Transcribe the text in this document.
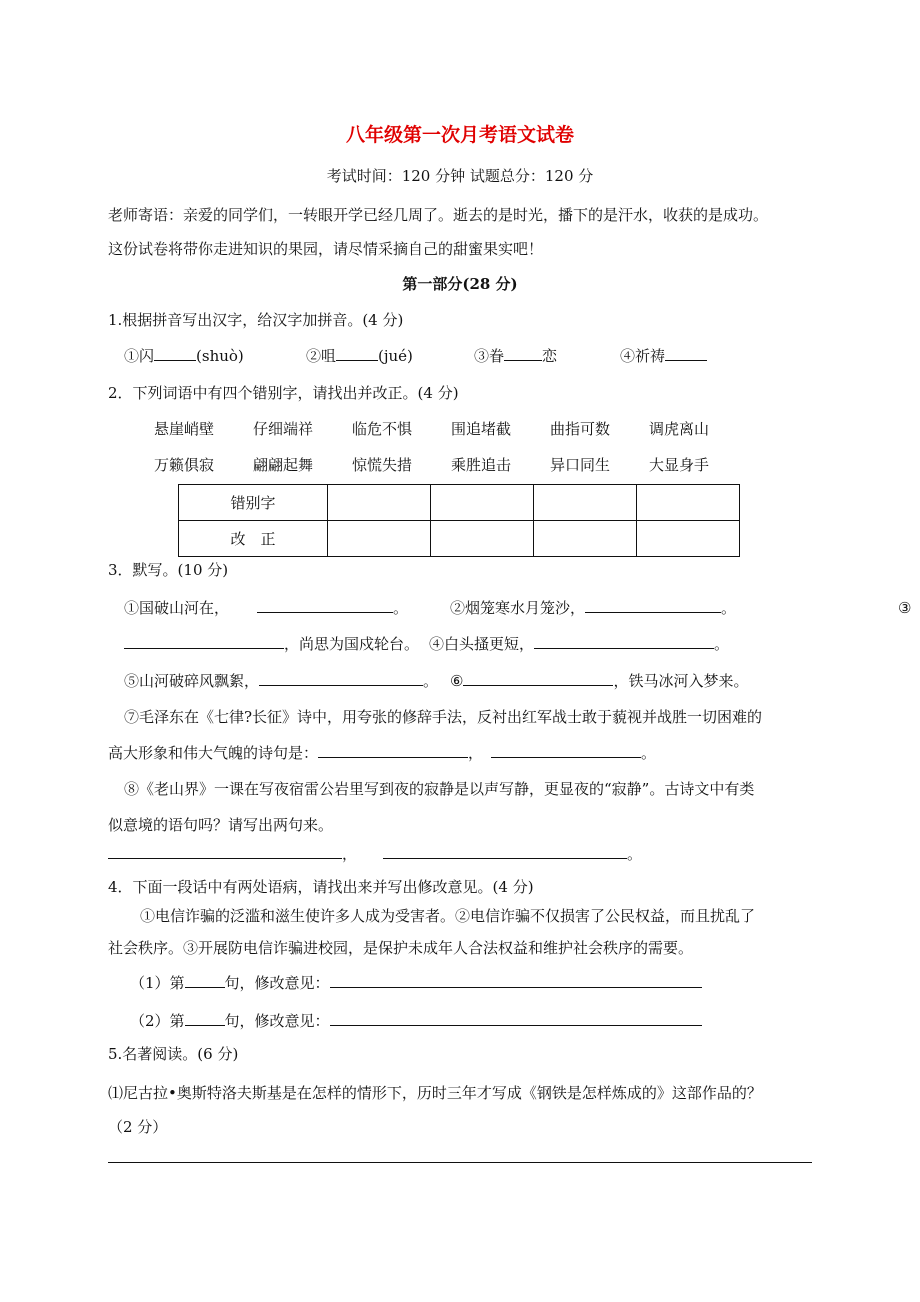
八年级第一次月考语文试卷
考试时间：120 分钟 试题总分：120 分
老师寄语：亲爱的同学们，一转眼开学已经几周了。逝去的是时光，播下的是汗水，收获的是成功。
这份试卷将带你走进知识的果园，请尽情采摘自己的甜蜜果实吧！
第一部分(28 分)
1.根据拼音写出汉字，给汉字加拼音。(4 分)
①闪	(shuò)	②咀	(jué)	③眷	恋	④祈祷
2．下列词语中有四个错别字，请找出并改正。(4 分)
悬崖峭壁	仔细端祥	临危不惧	围追堵截	曲指可数	调虎离山
万籁俱寂	翩翩起舞	惊慌失措	乘胜追击	异口同生	大显身手
错别字				
改　正				
3．默写。(10 分)
①国破山河在，	。	②烟笼寒水月笼沙，	。	③
，尚思为国戍轮台。 ④白头搔更短，	。
⑤山河破碎风飘絮，	。 ⑥	，铁马冰河入梦来。
⑦毛泽东在《七律?长征》诗中，用夸张的修辞手法，反衬出红军战士敢于藐视并战胜一切困难的
高大形象和伟大气魄的诗句是：	，	。
⑧《老山界》一课在写夜宿雷公岩里写到夜的寂静是以声写静，更显夜的“寂静”。古诗文中有类
似意境的语句吗？请写出两句来。
，	。
4．下面一段话中有两处语病，请找出来并写出修改意见。(4 分)
①电信诈骗的泛滥和滋生使许多人成为受害者。②电信诈骗不仅损害了公民权益，而且扰乱了
社会秩序。③开展防电信诈骗进校园，是保护未成年人合法权益和维护社会秩序的需要。
（1）第	句，修改意见：
（2）第	句，修改意见：
5.名著阅读。(6 分)
⑴尼古拉•奥斯特洛夫斯基是在怎样的情形下，历时三年才写成《钢铁是怎样炼成的》这部作品的？
（2 分）
